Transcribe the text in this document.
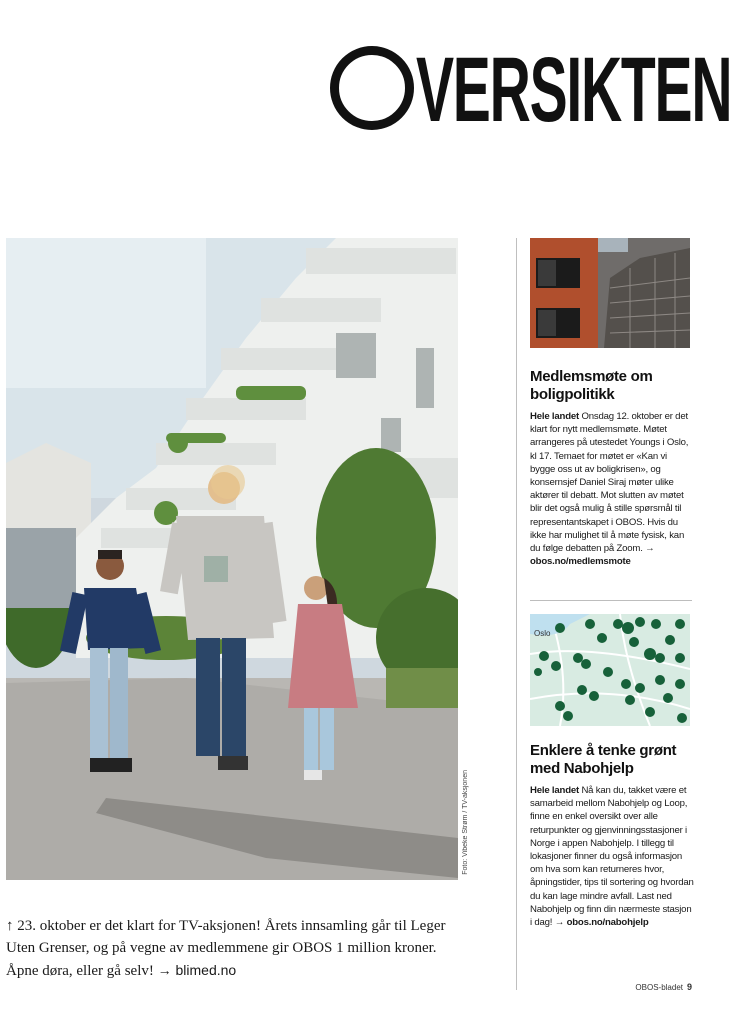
VERSIKTEN
Foto: Vibeke Strøm / TV-aksjonen

↑ 23. oktober er det klart for TV-aksjonen! Årets innsamling går til Leger Uten Grenser, og på vegne av medlemmene gir OBOS 1 million kroner. Åpne døra, eller gå selv! → blimed.no

Medlemsmøte om boligpolitikk

Hele landet Onsdag 12. oktober er det klart for nytt medlemsmøte. Møtet arrangeres på utestedet Youngs i Oslo, kl 17. Temaet for møtet er «Kan vi bygge oss ut av boligkrisen», og konsernsjef Daniel Siraj møter ulike aktører til debatt. Mot slutten av møtet blir det også mulig å stille spørsmål til representantskapet i OBOS. Hvis du ikke har mulighet til å møte fysisk, kan du følge debatten på Zoom. → obos.no/medlemsmote

Oslo
Enklere å tenke grønt med Nabohjelp

Hele landet Nå kan du, takket være et samarbeid mellom Nabohjelp og Loop, finne en enkel oversikt over alle returpunkter og gjenvinningsstasjoner i Norge i appen Nabohjelp. I tillegg til lokasjoner finner du også informasjon om hva som kan returneres hvor, åpningstider, tips til sortering og hvordan du kan lage mindre avfall. Last ned Nabohjelp og finn din nærmeste stasjon i dag! → obos.no/nabohjelp

OBOS-bladet 9
